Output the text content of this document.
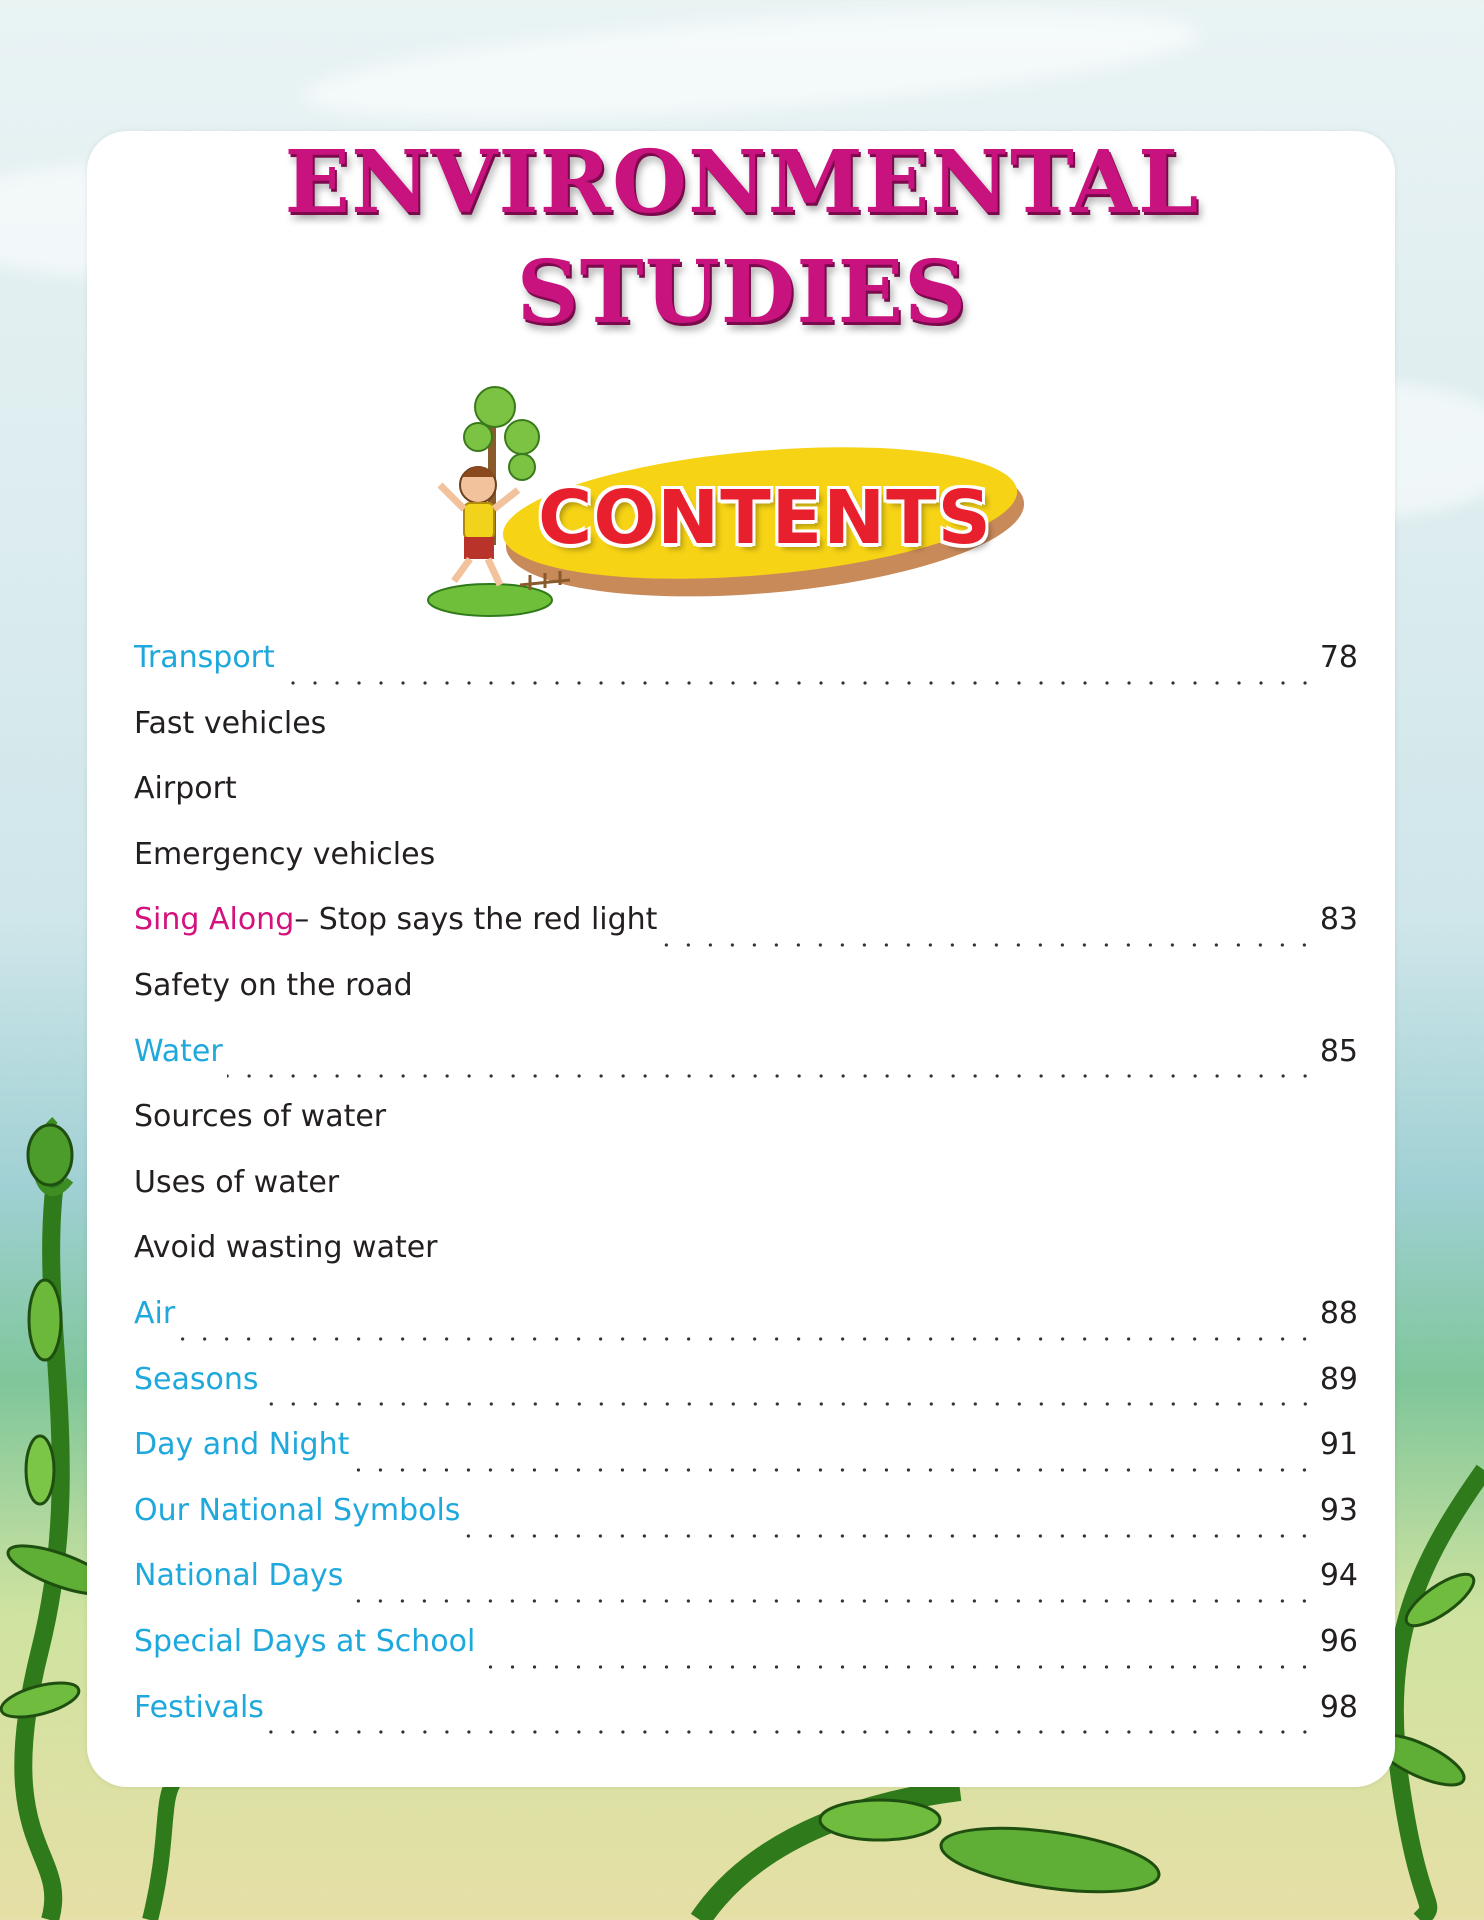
ENVIRONMENTAL
STUDIES
CONTENTS
Transport	78
Fast vehicles
Airport
Emergency vehicles
Sing Along – Stop says the red light	83
Safety on the road
Water	85
Sources of water
Uses of water
Avoid wasting water
Air	88
Seasons	89
Day and Night	91
Our National Symbols	93
National Days	94
Special Days at School	96
Festivals	98
